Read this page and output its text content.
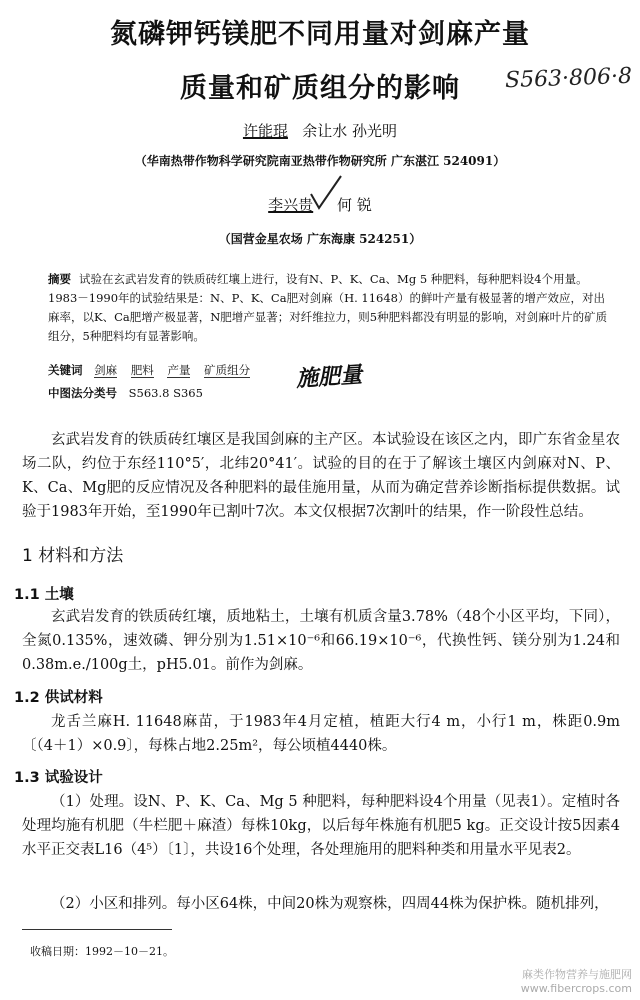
氮磷钾钙镁肥不同用量对剑麻产量
质量和矿质组分的影响	S563·806·8
许能琨 余让水 孙光明
（华南热带作物科学研究院南亚热带作物研究所 广东湛江 524091）
李兴贵 何 锐
（国营金星农场 广东海康 524251）
摘要 试验在玄武岩发育的铁质砖红壤上进行，设有N、P、K、Ca、Mg 5 种肥料，每种肥料设4个用量。1983－1990年的试验结果是：N、P、K、Ca肥对剑麻（H. 11648）的鲜叶产量有极显著的增产效应，对出麻率，以K、Ca肥增产极显著，N肥增产显著；对纤维拉力，则5种肥料都没有明显的影响，对剑麻叶片的矿质组分，5种肥料均有显著影响。
关键词 剑麻 肥料 产量 矿质组分	施肥量
中图法分类号 S563.8 S365
玄武岩发育的铁质砖红壤区是我国剑麻的主产区。本试验设在该区之内，即广东省金星农场二队，约位于东经110°5′，北纬20°41′。试验的目的在于了解该土壤区内剑麻对N、P、K、Ca、Mg肥的反应情况及各种肥料的最佳施用量，从而为确定营养诊断指标提供数据。试验于1983年开始，至1990年已割叶7次。本文仅根据7次割叶的结果，作一阶段性总结。
1 材料和方法
1.1 土壤
玄武岩发育的铁质砖红壤，质地粘土，土壤有机质含量3.78%（48个小区平均，下同），全氮0.135%，速效磷、钾分别为1.51×10⁻⁶和66.19×10⁻⁶，代换性钙、镁分别为1.24和0.38m.e./100g土，pH5.01。前作为剑麻。
1.2 供试材料
龙舌兰麻H. 11648麻苗，于1983年4月定植，植距大行4 m，小行1 m，株距0.9m〔（4＋1）×0.9〕，每株占地2.25m²，每公顷植4440株。
1.3 试验设计
（1）处理。设N、P、K、Ca、Mg 5 种肥料，每种肥料设4个用量（见表1）。定植时各处理均施有机肥（牛栏肥＋麻渣）每株10kg，以后每年株施有机肥5 kg。正交设计按5因素4水平正交表L16（4⁵）〔1〕，共设16个处理，各处理施用的肥料种类和用量水平见表2。
（2）小区和排列。每小区64株，中间20株为观察株，四周44株为保护株。随机排列，
收稿日期：1992－10－21。
麻类作物营养与施肥网
www.fibercrops.com
